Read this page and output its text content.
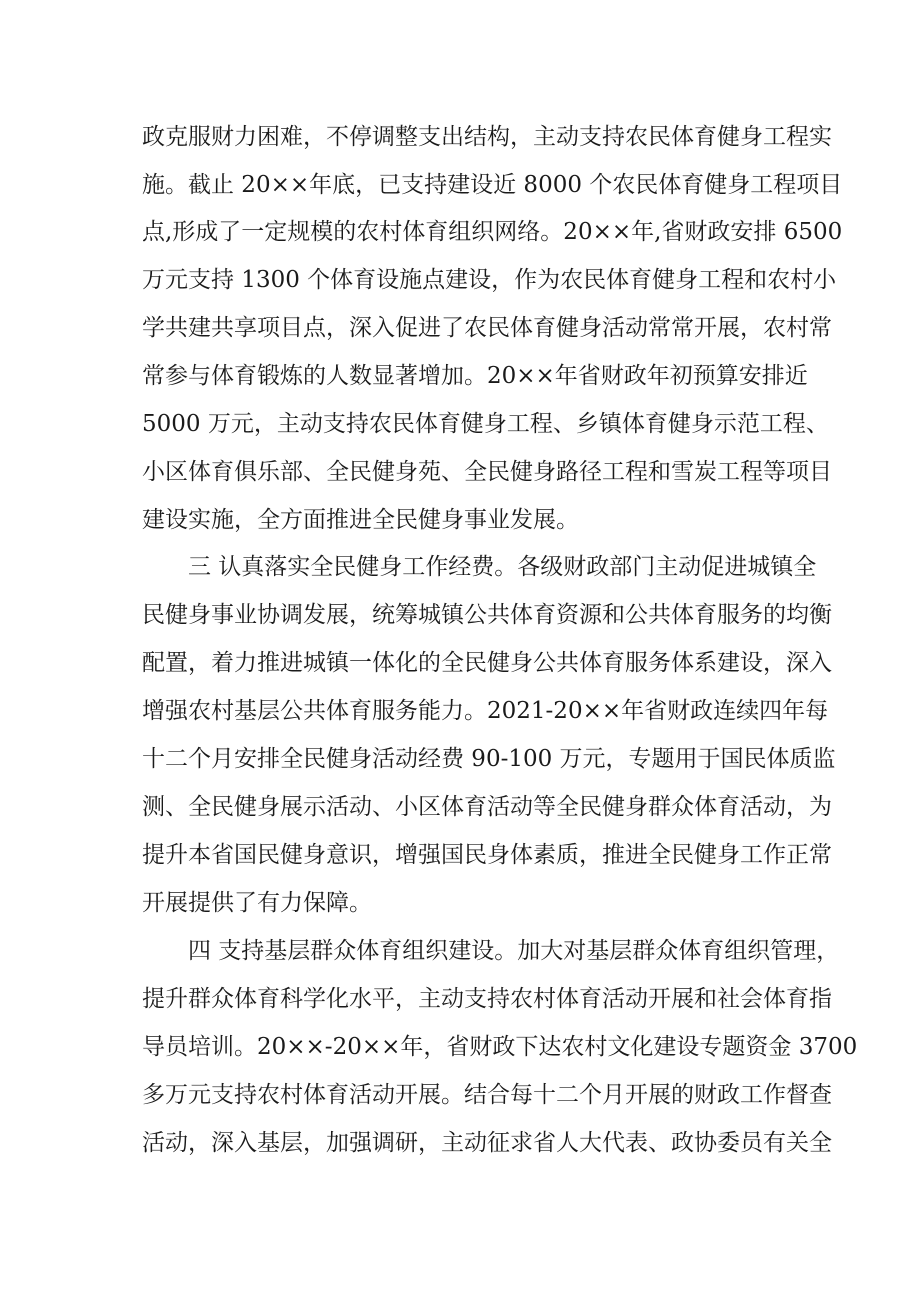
政克服财力困难，不停调整支出结构，主动支持农民体育健身工程实
施。截止 20××年底，已支持建设近 8000 个农民体育健身工程项目
点,形成了一定规模的农村体育组织网络。20××年,省财政安排 6500
万元支持 1300 个体育设施点建设，作为农民体育健身工程和农村小
学共建共享项目点，深入促进了农民体育健身活动常常开展，农村常
常参与体育锻炼的人数显著增加。20××年省财政年初预算安排近
5000 万元，主动支持农民体育健身工程、乡镇体育健身示范工程、
小区体育俱乐部、全民健身苑、全民健身路径工程和雪炭工程等项目
建设实施，全方面推进全民健身事业发展。
三 认真落实全民健身工作经费。各级财政部门主动促进城镇全
民健身事业协调发展，统筹城镇公共体育资源和公共体育服务的均衡
配置，着力推进城镇一体化的全民健身公共体育服务体系建设，深入
增强农村基层公共体育服务能力。2021-20××年省财政连续四年每
十二个月安排全民健身活动经费 90-100 万元，专题用于国民体质监
测、全民健身展示活动、小区体育活动等全民健身群众体育活动，为
提升本省国民健身意识，增强国民身体素质，推进全民健身工作正常
开展提供了有力保障。
四 支持基层群众体育组织建设。加大对基层群众体育组织管理，
提升群众体育科学化水平，主动支持农村体育活动开展和社会体育指
导员培训。20××-20××年，省财政下达农村文化建设专题资金 3700
多万元支持农村体育活动开展。结合每十二个月开展的财政工作督查
活动，深入基层，加强调研，主动征求省人大代表、政协委员有关全
